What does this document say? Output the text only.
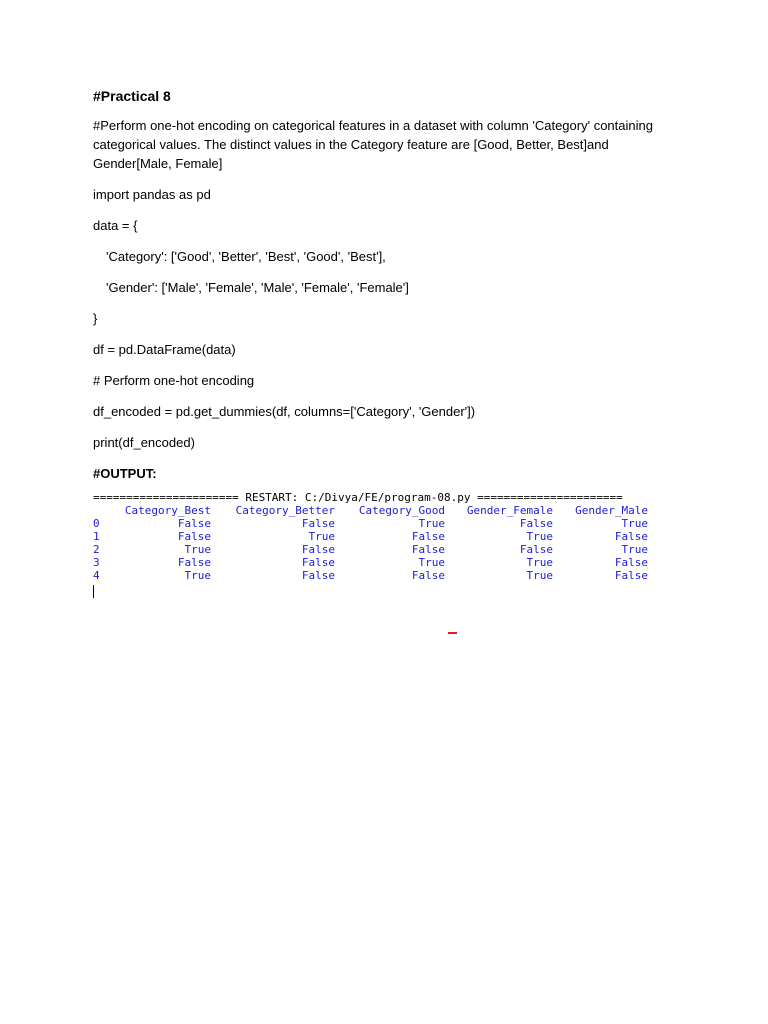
#Practical 8
#Perform one-hot encoding on categorical features in a dataset with column 'Category' containing categorical values. The distinct values in the Category feature are [Good, Better, Best]and Gender[Male, Female]
import pandas as pd
data = {
'Category': ['Good', 'Better', 'Best', 'Good', 'Best'],
'Gender': ['Male', 'Female', 'Male', 'Female', 'Female']
}
df = pd.DataFrame(data)
# Perform one-hot encoding
df_encoded = pd.get_dummies(df, columns=['Category', 'Gender'])
print(df_encoded)
#OUTPUT:
====================== RESTART: C:/Divya/FE/program-08.py ======================
	Category_Best	Category_Better	Category_Good	Gender_Female	Gender_Male
0	False	False	True	False	True
1	False	True	False	True	False
2	True	False	False	False	True
3	False	False	True	True	False
4	True	False	False	True	False
